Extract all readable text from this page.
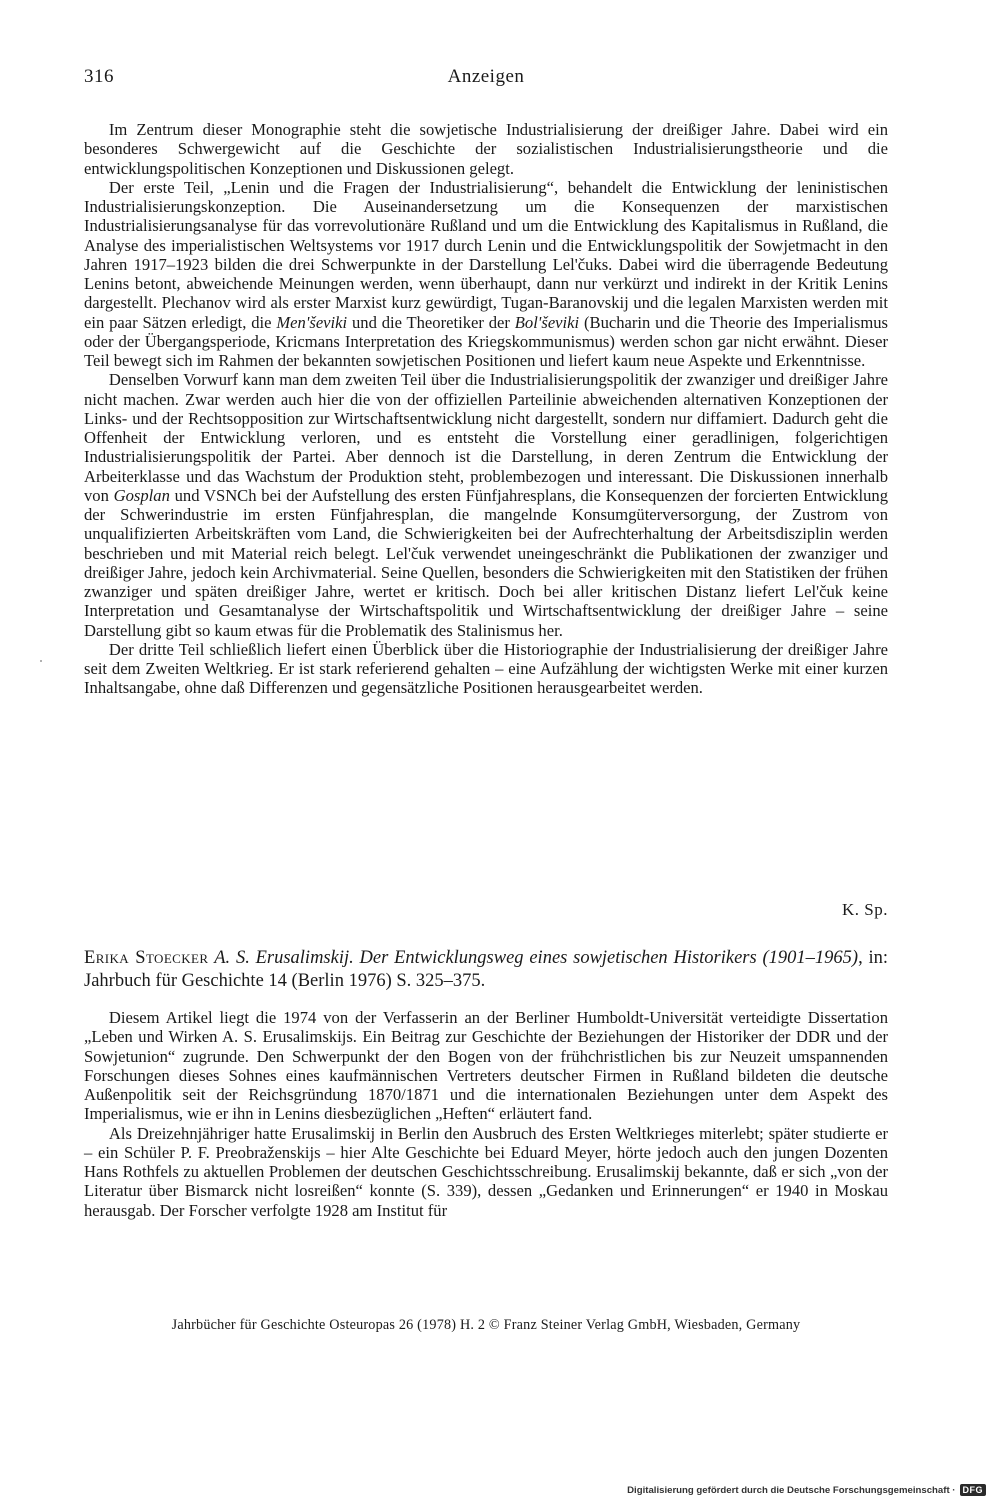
316	Anzeigen

Im Zentrum dieser Monographie steht die sowjetische Industrialisierung der dreißiger Jahre. Dabei wird ein besonderes Schwergewicht auf die Geschichte der sozialistischen Industrialisierungstheorie und die entwicklungspolitischen Konzeptionen und Diskussionen gelegt.

Der erste Teil, „Lenin und die Fragen der Industrialisierung“, behandelt die Entwicklung der leninistischen Industrialisierungskonzeption. Die Auseinandersetzung um die Konsequenzen der marxistischen Industrialisierungsanalyse für das vorrevolutionäre Rußland und um die Entwicklung des Kapitalismus in Rußland, die Analyse des imperialistischen Weltsystems vor 1917 durch Lenin und die Entwicklungspolitik der Sowjetmacht in den Jahren 1917–1923 bilden die drei Schwerpunkte in der Darstellung Lel'čuks. Dabei wird die überragende Bedeutung Lenins betont, abweichende Meinungen werden, wenn überhaupt, dann nur verkürzt und indirekt in der Kritik Lenins dargestellt. Plechanov wird als erster Marxist kurz gewürdigt, Tugan-Baranovskij und die legalen Marxisten werden mit ein paar Sätzen erledigt, die Men'ševiki und die Theoretiker der Bol'ševiki (Bucharin und die Theorie des Imperialismus oder der Übergangsperiode, Kricmans Interpretation des Kriegskommunismus) werden schon gar nicht erwähnt. Dieser Teil bewegt sich im Rahmen der bekannten sowjetischen Positionen und liefert kaum neue Aspekte und Erkenntnisse.

Denselben Vorwurf kann man dem zweiten Teil über die Industrialisierungspolitik der zwanziger und dreißiger Jahre nicht machen. Zwar werden auch hier die von der offiziellen Parteilinie abweichenden alternativen Konzeptionen der Links- und der Rechtsopposition zur Wirtschaftsentwicklung nicht dargestellt, sondern nur diffamiert. Dadurch geht die Offenheit der Entwicklung verloren, und es entsteht die Vorstellung einer geradlinigen, folgerichtigen Industrialisierungspolitik der Partei. Aber dennoch ist die Darstellung, in deren Zentrum die Entwicklung der Arbeiterklasse und das Wachstum der Produktion steht, problembezogen und interessant. Die Diskussionen innerhalb von Gosplan und VSNCh bei der Aufstellung des ersten Fünfjahresplans, die Konsequenzen der forcierten Entwicklung der Schwerindustrie im ersten Fünfjahresplan, die mangelnde Konsumgüterversorgung, der Zustrom von unqualifizierten Arbeitskräften vom Land, die Schwierigkeiten bei der Aufrechterhaltung der Arbeitsdisziplin werden beschrieben und mit Material reich belegt. Lel'čuk verwendet uneingeschränkt die Publikationen der zwanziger und dreißiger Jahre, jedoch kein Archivmaterial. Seine Quellen, besonders die Schwierigkeiten mit den Statistiken der frühen zwanziger und späten dreißiger Jahre, wertet er kritisch. Doch bei aller kritischen Distanz liefert Lel'čuk keine Interpretation und Gesamtanalyse der Wirtschaftspolitik und Wirtschaftsentwicklung der dreißiger Jahre – seine Darstellung gibt so kaum etwas für die Problematik des Stalinismus her.

Der dritte Teil schließlich liefert einen Überblick über die Historiographie der Industrialisierung der dreißiger Jahre seit dem Zweiten Weltkrieg. Er ist stark referierend gehalten – eine Aufzählung der wichtigsten Werke mit einer kurzen Inhaltsangabe, ohne daß Differenzen und gegensätzliche Positionen herausgearbeitet werden.

K. Sp.
Erika Stoecker A. S. Erusalimskij. Der Entwicklungsweg eines sowjetischen Historikers (1901–1965), in: Jahrbuch für Geschichte 14 (Berlin 1976) S. 325–375.

Diesem Artikel liegt die 1974 von der Verfasserin an der Berliner Humboldt-Universität verteidigte Dissertation „Leben und Wirken A. S. Erusalimskijs. Ein Beitrag zur Geschichte der Beziehungen der Historiker der DDR und der Sowjetunion“ zugrunde. Den Schwerpunkt der den Bogen von der frühchristlichen bis zur Neuzeit umspannenden Forschungen dieses Sohnes eines kaufmännischen Vertreters deutscher Firmen in Rußland bildeten die deutsche Außenpolitik seit der Reichsgründung 1870/1871 und die internationalen Beziehungen unter dem Aspekt des Imperialismus, wie er ihn in Lenins diesbezüglichen „Heften“ erläutert fand.

Als Dreizehnjähriger hatte Erusalimskij in Berlin den Ausbruch des Ersten Weltkrieges miterlebt; später studierte er – ein Schüler P. F. Preobraženskijs – hier Alte Geschichte bei Eduard Meyer, hörte jedoch auch den jungen Dozenten Hans Rothfels zu aktuellen Problemen der deutschen Geschichtsschreibung. Erusalimskij bekannte, daß er sich „von der Literatur über Bismarck nicht losreißen“ konnte (S. 339), dessen „Gedanken und Erinnerungen“ er 1940 in Moskau herausgab. Der Forscher verfolgte 1928 am Institut für

Jahrbücher für Geschichte Osteuropas 26 (1978) H. 2 © Franz Steiner Verlag GmbH, Wiesbaden, Germany
Digitalisierung gefördert durch die Deutsche Forschungsgemeinschaft · DFG
